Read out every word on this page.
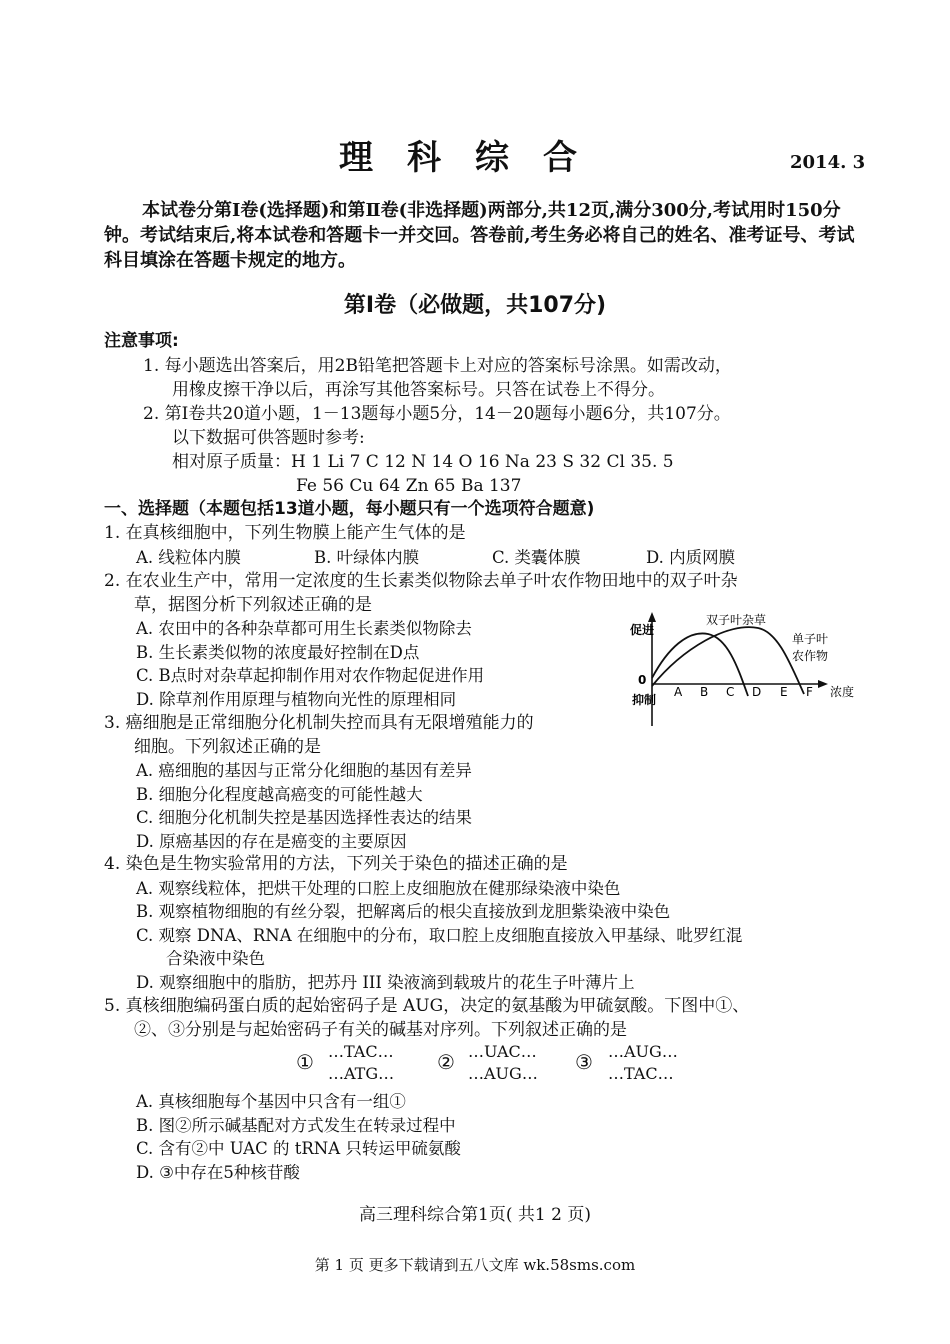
理科综合	2014. 3
本试卷分第Ⅰ卷(选择题)和第Ⅱ卷(非选择题)两部分,共12页,满分300分,考试用时150分钟。考试结束后,将本试卷和答题卡一并交回。答卷前,考生务必将自己的姓名、准考证号、考试科目填涂在答题卡规定的地方。
第Ⅰ卷（必做题，共107分)
注意事项:
1. 每小题选出答案后，用2B铅笔把答题卡上对应的答案标号涂黑。如需改动，
用橡皮擦干净以后，再涂写其他答案标号。只答在试卷上不得分。
2. 第Ⅰ卷共20道小题，1－13题每小题5分，14－20题每小题6分，共107分。
以下数据可供答题时参考:
相对原子质量：H 1 Li 7 C 12 N 14 O 16 Na 23 S 32 Cl 35. 5
Fe 56 Cu 64 Zn 65 Ba 137
一、选择题（本题包括13道小题，每小题只有一个选项符合题意)
1. 在真核细胞中，下列生物膜上能产生气体的是
A. 线粒体内膜	B. 叶绿体内膜	C. 类囊体膜	D. 内质网膜
2. 在农业生产中，常用一定浓度的生长素类似物除去单子叶农作物田地中的双子叶杂
草，据图分析下列叙述正确的是
A. 农田中的各种杂草都可用生长素类似物除去
B. 生长素类似物的浓度最好控制在D点
C. B点时对杂草起抑制作用对农作物起促进作用
D. 除草剂作用原理与植物向光性的原理相同
促进
0
抑制
A B C D E F 浓度
双子叶杂草
单子叶
农作物
3. 癌细胞是正常细胞分化机制失控而具有无限增殖能力的
细胞。下列叙述正确的是
A. 癌细胞的基因与正常分化细胞的基因有差异
B. 细胞分化程度越高癌变的可能性越大
C. 细胞分化机制失控是基因选择性表达的结果
D. 原癌基因的存在是癌变的主要原因
4. 染色是生物实验常用的方法，下列关于染色的描述正确的是
A. 观察线粒体，把烘干处理的口腔上皮细胞放在健那绿染液中染色
B. 观察植物细胞的有丝分裂，把解离后的根尖直接放到龙胆紫染液中染色
C. 观察 DNA、RNA 在细胞中的分布，取口腔上皮细胞直接放入甲基绿、吡罗红混
合染液中染色
D. 观察细胞中的脂肪，把苏丹 III 染液滴到载玻片的花生子叶薄片上
5. 真核细胞编码蛋白质的起始密码子是 AUG，决定的氨基酸为甲硫氨酸。下图中①、
②、③分别是与起始密码子有关的碱基对序列。下列叙述正确的是
① …TAC…
…ATG… ② …UAC…
…AUG… ③ …AUG…
…TAC…
A. 真核细胞每个基因中只含有一组①
B. 图②所示碱基配对方式发生在转录过程中
C. 含有②中 UAC 的 tRNA 只转运甲硫氨酸
D. ③中存在5种核苷酸
高三理科综合第1页( 共1 2 页)
第 1 页 更多下载请到五八文库 wk.58sms.com
